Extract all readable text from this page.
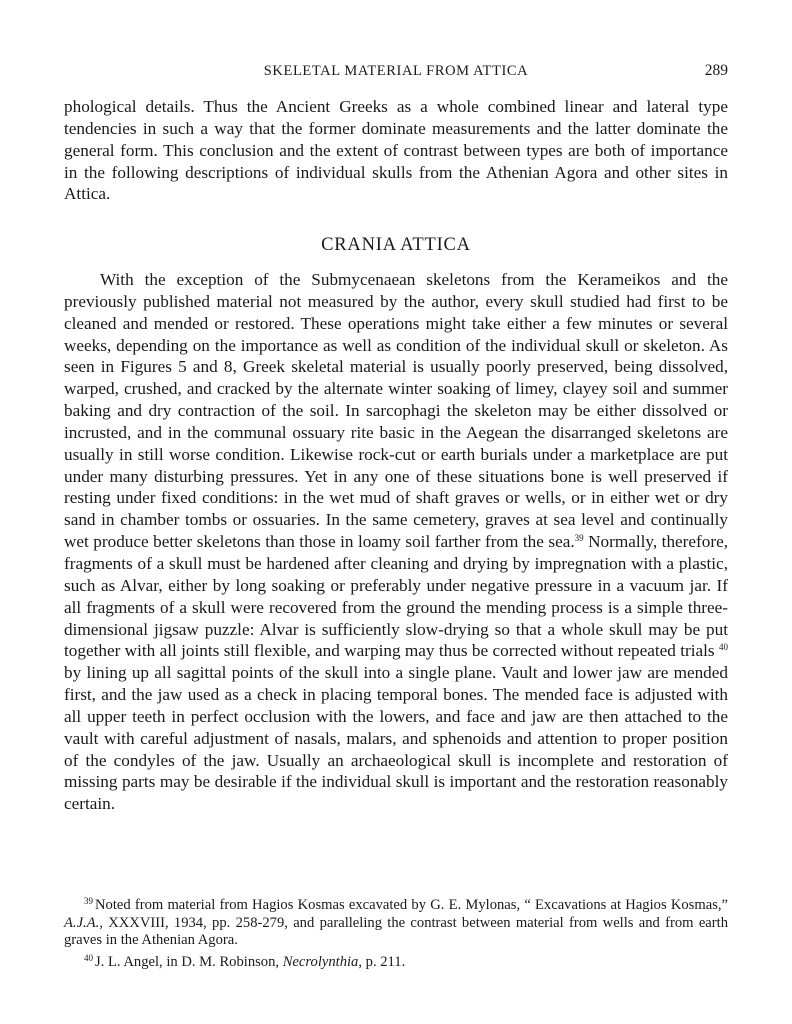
SKELETAL MATERIAL FROM ATTICA	289

phological details. Thus the Ancient Greeks as a whole combined linear and lateral type tendencies in such a way that the former dominate measurements and the latter dominate the general form. This conclusion and the extent of contrast between types are both of importance in the following descriptions of individual skulls from the Athenian Agora and other sites in Attica.

CRANIA ATTICA

With the exception of the Submycenaean skeletons from the Kerameikos and the previously published material not measured by the author, every skull studied had first to be cleaned and mended or restored. These operations might take either a few minutes or several weeks, depending on the importance as well as condition of the individual skull or skeleton. As seen in Figures 5 and 8, Greek skeletal material is usually poorly preserved, being dissolved, warped, crushed, and cracked by the alternate winter soaking of limey, clayey soil and summer baking and dry contraction of the soil. In sarcophagi the skeleton may be either dissolved or incrusted, and in the communal ossuary rite basic in the Aegean the disarranged skeletons are usually in still worse condition. Likewise rock-cut or earth burials under a marketplace are put under many disturbing pressures. Yet in any one of these situations bone is well preserved if resting under fixed conditions: in the wet mud of shaft graves or wells, or in either wet or dry sand in chamber tombs or ossuaries. In the same cemetery, graves at sea level and continually wet produce better skeletons than those in loamy soil farther from the sea.$^{39}$ Normally, therefore, fragments of a skull must be hardened after cleaning and drying by impregnation with a plastic, such as Alvar, either by long soaking or preferably under negative pressure in a vacuum jar. If all fragments of a skull were recovered from the ground the mending process is a simple three-dimensional jigsaw puzzle: Alvar is sufficiently slow-drying so that a whole skull may be put together with all joints still flexible, and warping may thus be corrected without repeated trials $^{40}$ by lining up all sagittal points of the skull into a single plane. Vault and lower jaw are mended first, and the jaw used as a check in placing temporal bones. The mended face is adjusted with all upper teeth in perfect occlusion with the lowers, and face and jaw are then attached to the vault with careful adjustment of nasals, malars, and sphenoids and attention to proper position of the condyles of the jaw. Usually an archaeological skull is incomplete and restoration of missing parts may be desirable if the individual skull is important and the restoration reasonably certain.

$^{39}$ Noted from material from Hagios Kosmas excavated by G. E. Mylonas, “ Excavations at Hagios Kosmas,” A.J.A., XXXVIII, 1934, pp. 258-279, and paralleling the contrast between material from wells and from earth graves in the Athenian Agora.

$^{40}$ J. L. Angel, in D. M. Robinson, Necrolynthia, p. 211.
